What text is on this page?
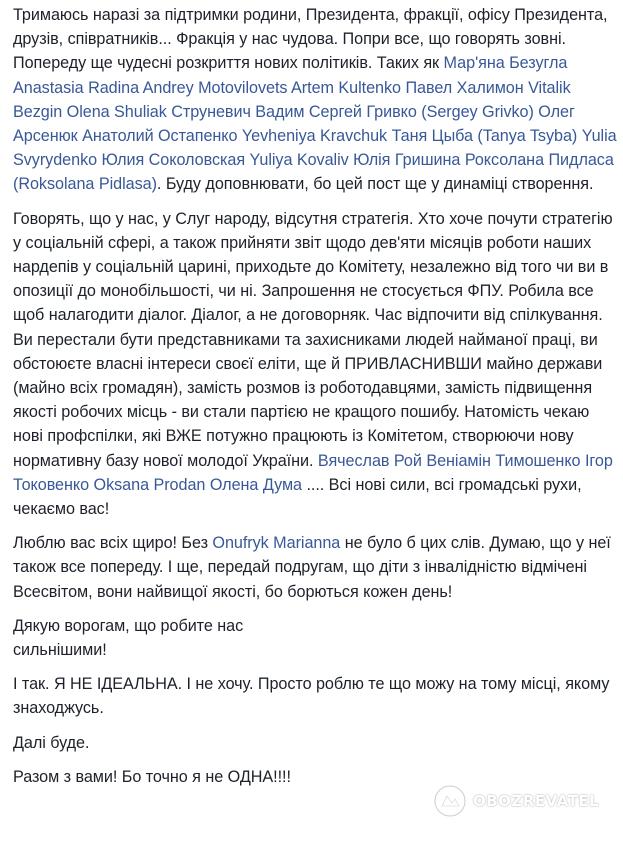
Тримаюсь наразі за підтримки родини, Президента, фракції, офісу Президента, друзів, співратників... Фракція у нас чудова. Попри все, що говорять зовні. Попереду ще чудесні розкриття нових політиків. Таких як Мар'яна Безугла Anastasia Radina Andrey Motovilovets Artem Kultenko Павел Халимон Vitalik Bezgin Olena Shuliak Струневич Вадим Сергей Гривко (Sergey Grivko) Олег Арсенюк Анатолий Остапенко Yevheniya Kravchuk Таня Цыба (Tanya Tsyba) Yulia Svyrydenko Юлия Соколовская Yuliya Kovaliv Юлія Гришина Роксолана Пидласа (Roksolana Pidlasa). Буду доповнювати, бо цей пост ще у динаміці створення.

Говорять, що у нас, у Слуг народу, відсутня стратегія. Хто хоче почути стратегію у соціальній сфері, а також прийняти звіт щодо дев'яти місяців роботи наших нардепів у соціальній царині, приходьте до Комітету, незалежно від того чи ви в опозиції до монобільшості, чи ні. Запрошення не стосується ФПУ. Робила все щоб налагодити діалог. Діалог, а не договорняк. Час відпочити від спілкування. Ви перестали бути представниками та захисниками людей найманої праці, ви обстоюєте власні інтереси своєї еліти, ще й ПРИВЛАСНИВШИ майно держави (майно всіх громадян), замість розмов із роботодавцями, замість підвищення якості робочих місць - ви стали партією не кращого пошибу. Натомість чекаю нові профспілки, які ВЖЕ потужно працюють із Комітетом, створюючи нову нормативну базу нової молодої України. Вячеслав Рой Веніамін Тимошенко Ігор Токовенко Oksana Prodan Олена Дума .... Всі нові сили, всі громадські рухи, чекаємо вас!

Люблю вас всіх щиро! Без Onufryk Marianna не було б цих слів. Думаю, що у неї також все попереду. І ще, передай подругам, що діти з інвалідністю відмічені Всесвітом, вони найвищої якості, бо борються кожен день!

Дякую ворогам, що робите нас
сильнішими!

І так. Я НЕ ІДЕАЛЬНА. І не хочу. Просто роблю те що можу на тому місці, якому знаходжусь.

Далі буде.

Разом з вами! Бо точно я не ОДНА!!!!

OBOZREVATEL
